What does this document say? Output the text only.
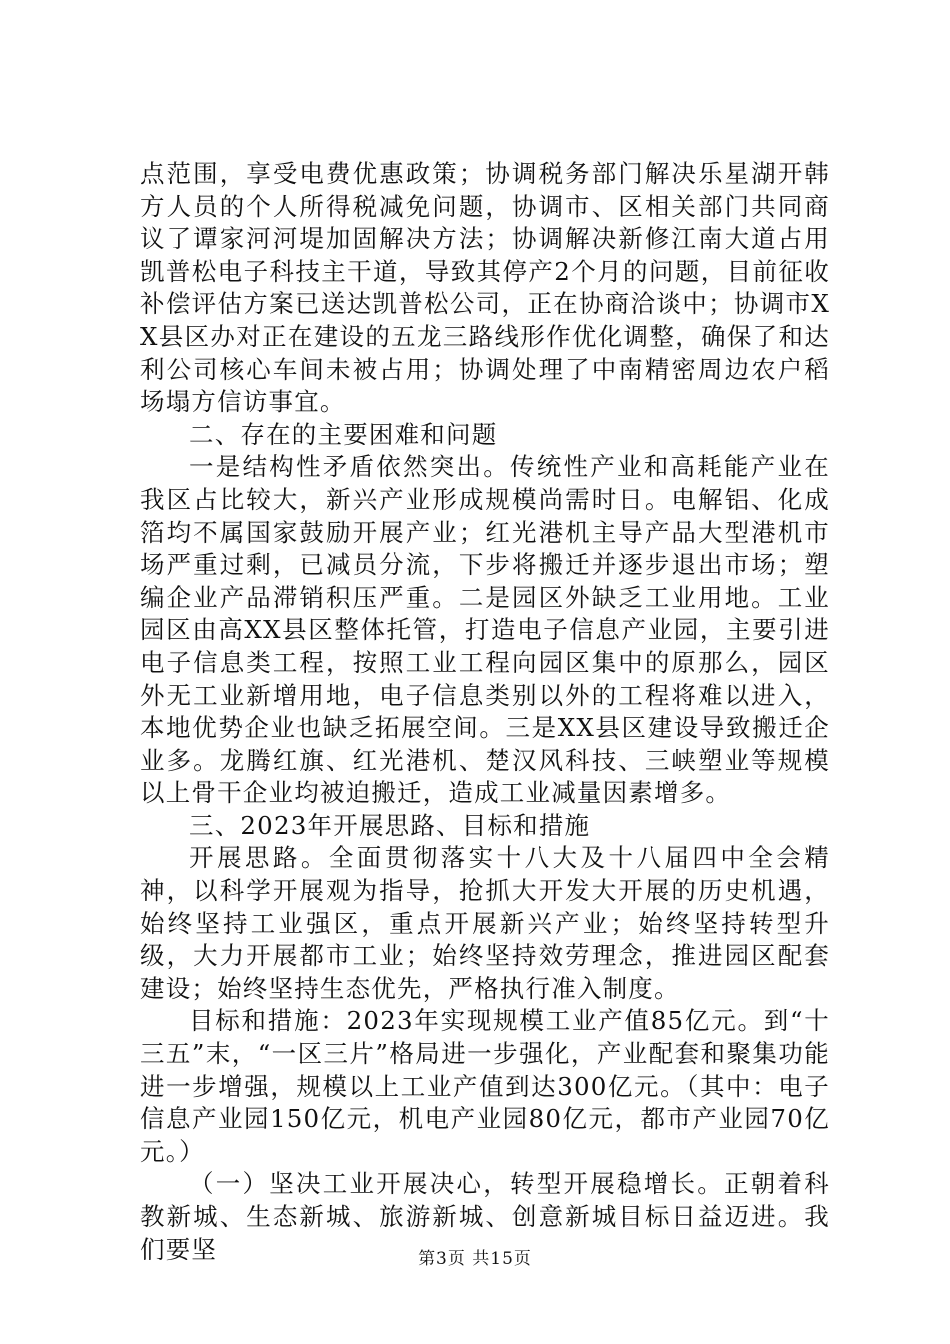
点范围，享受电费优惠政策；协调税务部门解决乐星湖开韩方人员的个人所得税减免问题，协调市、区相关部门共同商议了谭家河河堤加固解决方法；协调解决新修江南大道占用凯普松电子科技主干道，导致其停产2个月的问题，目前征收补偿评估方案已送达凯普松公司，正在协商洽谈中；协调市XX县区办对正在建设的五龙三路线形作优化调整，确保了和达利公司核心车间未被占用；协调处理了中南精密周边农户稻场塌方信访事宜。

二、存在的主要困难和问题

一是结构性矛盾依然突出。传统性产业和高耗能产业在我区占比较大，新兴产业形成规模尚需时日。电解铝、化成箔均不属国家鼓励开展产业；红光港机主导产品大型港机市场严重过剩，已减员分流，下步将搬迁并逐步退出市场；塑编企业产品滞销积压严重。二是园区外缺乏工业用地。工业园区由高XX县区整体托管，打造电子信息产业园，主要引进电子信息类工程，按照工业工程向园区集中的原那么，园区外无工业新增用地，电子信息类别以外的工程将难以进入，本地优势企业也缺乏拓展空间。三是XX县区建设导致搬迁企业多。龙腾红旗、红光港机、楚汉风科技、三峡塑业等规模以上骨干企业均被迫搬迁，造成工业减量因素增多。

三、2023年开展思路、目标和措施

开展思路。全面贯彻落实十八大及十八届四中全会精神，以科学开展观为指导，抢抓大开发大开展的历史机遇，始终坚持工业强区，重点开展新兴产业；始终坚持转型升级，大力开展都市工业；始终坚持效劳理念，推进园区配套建设；始终坚持生态优先，严格执行准入制度。

目标和措施：2023年实现规模工业产值85亿元。到“十三五”末，“一区三片”格局进一步强化，产业配套和聚集功能进一步增强，规模以上工业产值到达300亿元。（其中：电子信息产业园150亿元，机电产业园80亿元，都市产业园70亿元。）

（一）坚决工业开展决心，转型开展稳增长。正朝着科教新城、生态新城、旅游新城、创意新城目标日益迈进。我们要坚	第3页 共15页
